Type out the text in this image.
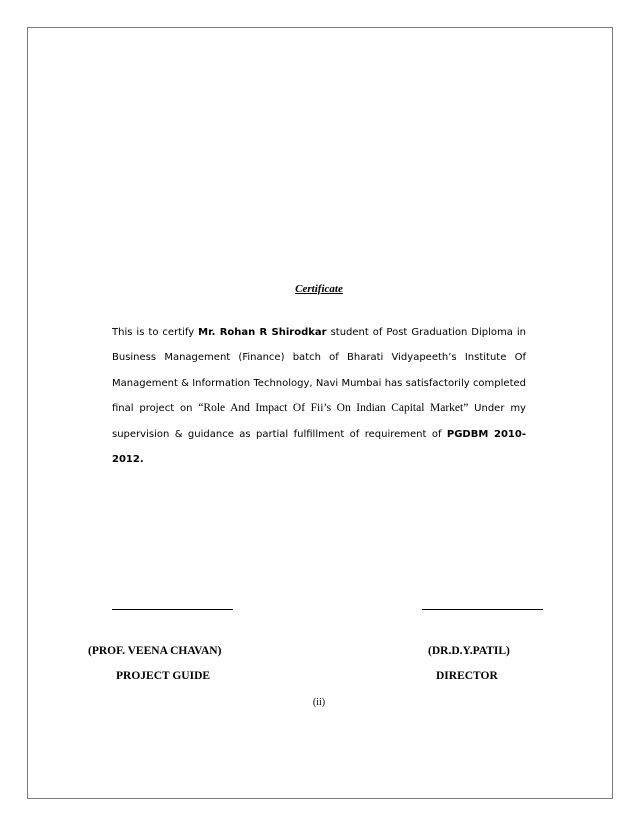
Certificate
This is to certify Mr. Rohan R Shirodkar student of Post Graduation Diploma in Business Management (Finance) batch of Bharati Vidyapeeth’s Institute Of Management & Information Technology, Navi Mumbai has satisfactorily completed final project on “Role And Impact Of Fii’s On Indian Capital Market” Under my supervision & guidance as partial fulfillment of requirement of PGDBM 2010-2012.
(PROF. VEENA CHAVAN)
PROJECT GUIDE
(DR.D.Y.PATIL)
DIRECTOR
(ii)
